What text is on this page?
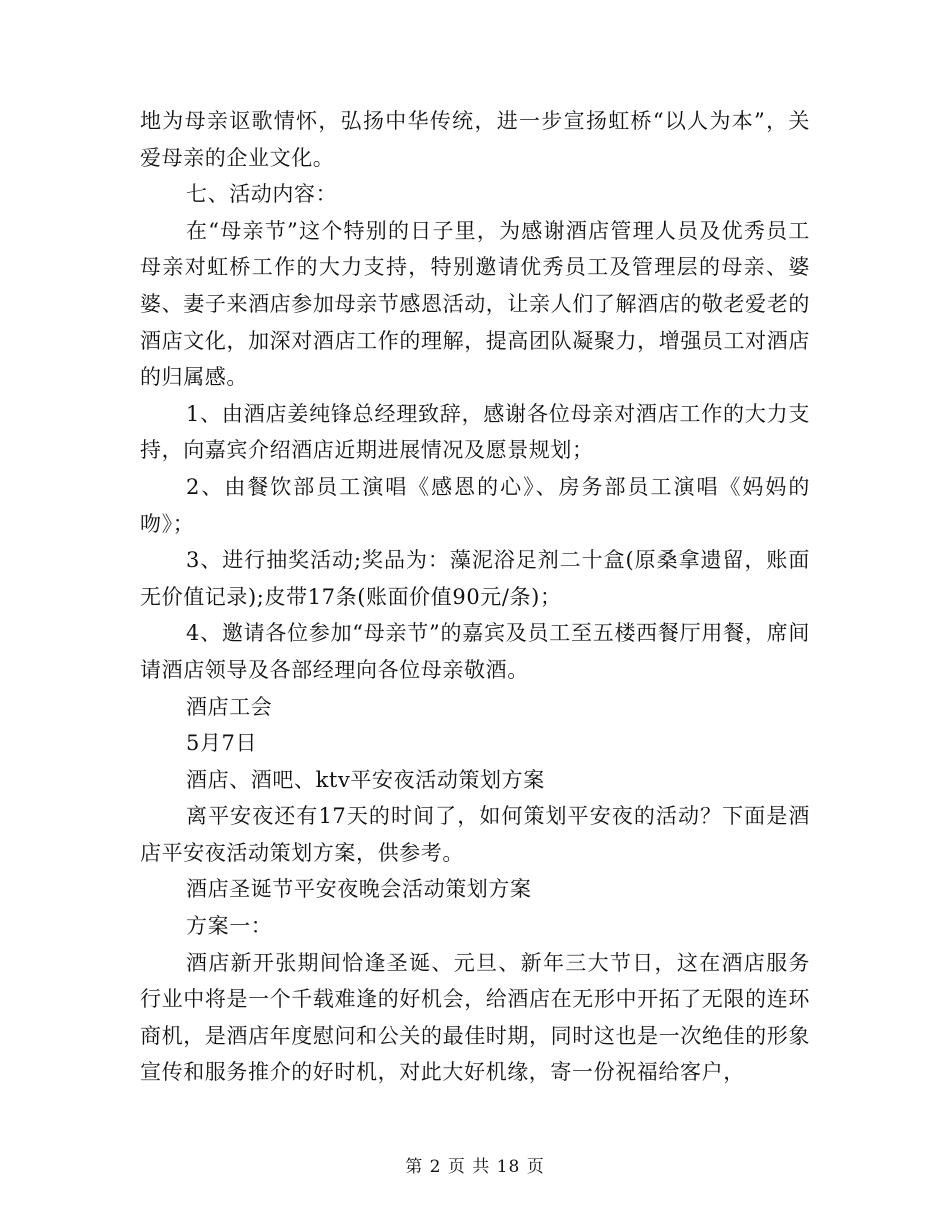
地为母亲讴歌情怀，弘扬中华传统，进一步宣扬虹桥“以人为本”，关爱母亲的企业文化。

七、活动内容：

在“母亲节”这个特别的日子里，为感谢酒店管理人员及优秀员工母亲对虹桥工作的大力支持，特别邀请优秀员工及管理层的母亲、婆婆、妻子来酒店参加母亲节感恩活动，让亲人们了解酒店的敬老爱老的酒店文化，加深对酒店工作的理解，提高团队凝聚力，增强员工对酒店的归属感。

1、由酒店姜纯锋总经理致辞，感谢各位母亲对酒店工作的大力支持，向嘉宾介绍酒店近期进展情况及愿景规划；

2、由餐饮部员工演唱《感恩的心》、房务部员工演唱《妈妈的吻》；

3、进行抽奖活动;奖品为：藻泥浴足剂二十盒(原桑拿遗留，账面无价值记录);皮带17条(账面价值90元/条)；

4、邀请各位参加“母亲节”的嘉宾及员工至五楼西餐厅用餐，席间请酒店领导及各部经理向各位母亲敬酒。

酒店工会

5月7日

酒店、酒吧、ktv平安夜活动策划方案

离平安夜还有17天的时间了，如何策划平安夜的活动？下面是酒店平安夜活动策划方案，供参考。

酒店圣诞节平安夜晚会活动策划方案

方案一：

酒店新开张期间恰逢圣诞、元旦、新年三大节日，这在酒店服务行业中将是一个千载难逢的好机会，给酒店在无形中开拓了无限的连环商机，是酒店年度慰问和公关的最佳时期，同时这也是一次绝佳的形象宣传和服务推介的好时机，对此大好机缘，寄一份祝福给客户，

第 2 页 共 18 页
